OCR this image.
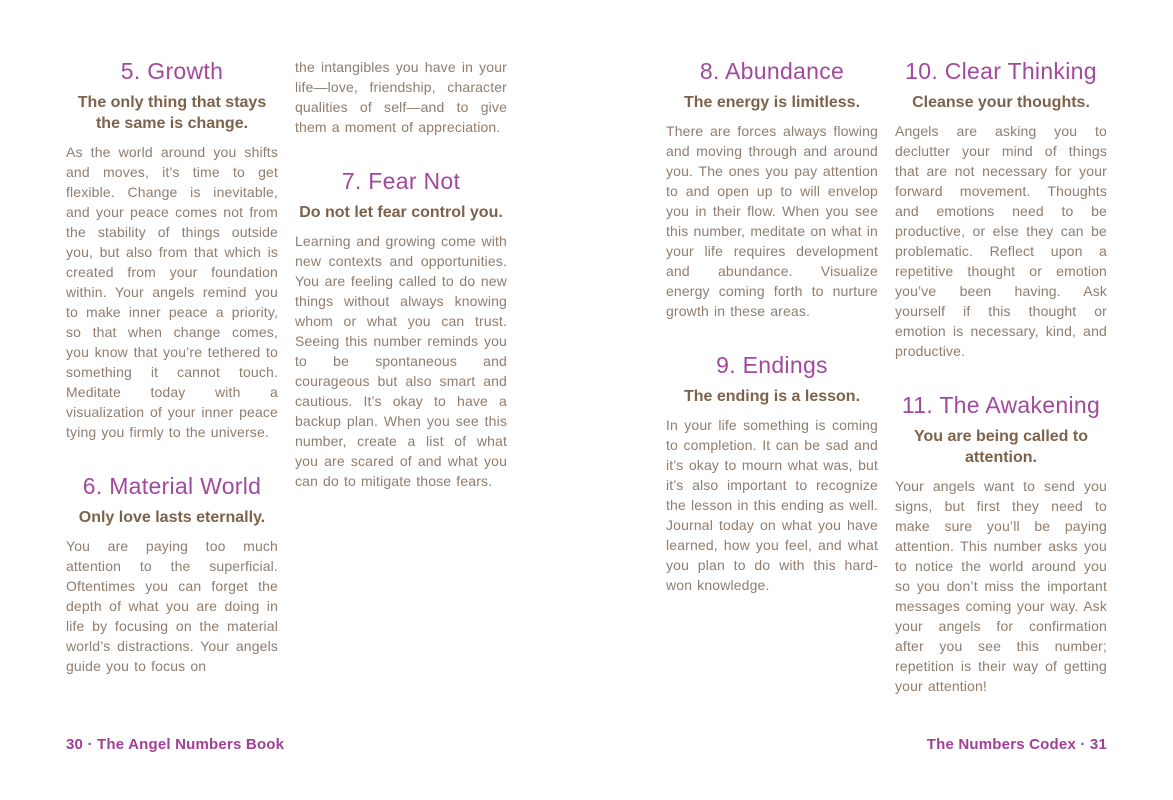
5. Growth

The only thing that stays the same is change.

As the world around you shifts and moves, it’s time to get flexible. Change is inevitable, and your peace comes not from the stability of things outside you, but also from that which is created from your foundation within. Your angels remind you to make inner peace a priority, so that when change comes, you know that you’re tethered to something it cannot touch. Meditate today with a visualization of your inner peace tying you firmly to the universe.

6. Material World

Only love lasts eternally.

You are paying too much attention to the superficial. Oftentimes you can forget the depth of what you are doing in life by focusing on the material world’s distractions. Your angels guide you to focus on

the intangibles you have in your life—love, friendship, character qualities of self—and to give them a moment of appreciation.

7. Fear Not

Do not let fear control you.

Learning and growing come with new contexts and opportunities. You are feeling called to do new things without always knowing whom or what you can trust. Seeing this number reminds you to be spontaneous and courageous but also smart and cautious. It’s okay to have a backup plan. When you see this number, create a list of what you are scared of and what you can do to mitigate those fears.

30 · The Angel Numbers Book
8. Abundance

The energy is limitless.

There are forces always flowing and moving through and around you. The ones you pay attention to and open up to will envelop you in their flow. When you see this number, meditate on what in your life requires development and abundance. Visualize energy coming forth to nurture growth in these areas.

9. Endings

The ending is a lesson.

In your life something is coming to completion. It can be sad and it’s okay to mourn what was, but it’s also important to recognize the lesson in this ending as well. Journal today on what you have learned, how you feel, and what you plan to do with this hard-won knowledge.

10. Clear Thinking

Cleanse your thoughts.

Angels are asking you to declutter your mind of things that are not necessary for your forward movement. Thoughts and emotions need to be productive, or else they can be problematic. Reflect upon a repetitive thought or emotion you’ve been having. Ask yourself if this thought or emotion is necessary, kind, and productive.

11. The Awakening

You are being called to attention.

Your angels want to send you signs, but first they need to make sure you’ll be paying attention. This number asks you to notice the world around you so you don’t miss the important messages coming your way. Ask your angels for confirmation after you see this number; repetition is their way of getting your attention!

The Numbers Codex · 31
